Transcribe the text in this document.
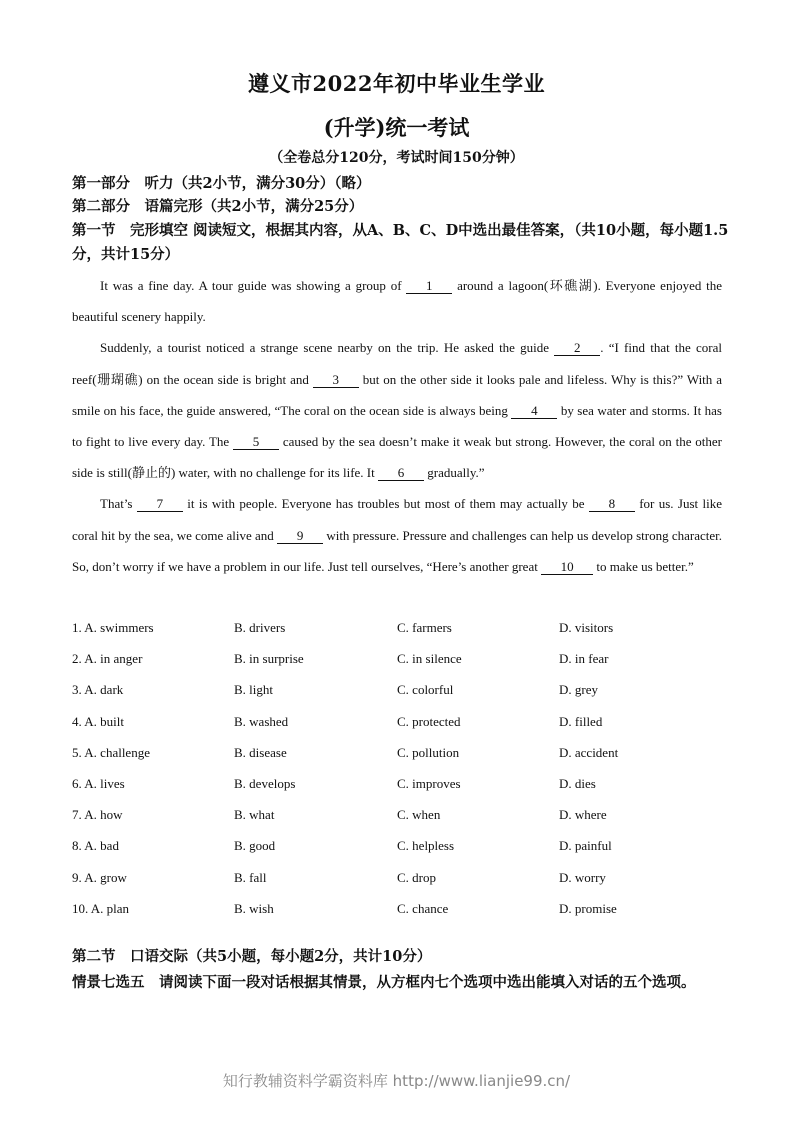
遵义市2022年初中毕业生学业
(升学)统一考试
（全卷总分120分，考试时间150分钟）
第一部分　听力（共2小节，满分30分）（略）
第二部分　语篇完形（共2小节，满分25分）
第一节　完形填空 阅读短文，根据其内容，从A、B、C、D中选出最佳答案，（共10小题，每小题1.5分，共计15分）

It was a fine day. A tour guide was showing a group of 1 around a lagoon(环礁湖). Everyone enjoyed the beautiful scenery happily.

Suddenly, a tourist noticed a strange scene nearby on the trip. He asked the guide 2 . “I find that the coral reef(珊瑚礁) on the ocean side is bright and 3 but on the other side it looks pale and lifeless. Why is this?” With a smile on his face, the guide answered, “The coral on the ocean side is always being 4 by sea water and storms. It has to fight to live every day. The 5 caused by the sea doesn’t make it weak but strong. However, the coral on the other side is still(静止的) water, with no challenge for its life. It 6 gradually.”

That’s 7 it is with people. Everyone has troubles but most of them may actually be 8 for us. Just like coral hit by the sea, we come alive and 9 with pressure. Pressure and challenges can help us develop strong character. So, don’t worry if we have a problem in our life. Just tell ourselves, “Here’s another great 10 to make us better.”

1. A. swimmers	B. drivers	C. farmers	D. visitors
2. A. in anger	B. in surprise	C. in silence	D. in fear
3. A. dark	B. light	C. colorful	D. grey
4. A. built	B. washed	C. protected	D. filled
5. A. challenge	B. disease	C. pollution	D. accident
6. A. lives	B. develops	C. improves	D. dies
7. A. how	B. what	C. when	D. where
8. A. bad	B. good	C. helpless	D. painful
9. A. grow	B. fall	C. drop	D. worry
10. A. plan	B. wish	C. chance	D. promise
第二节　口语交际（共5小题，每小题2分，共计10分）
情景七选五　请阅读下面一段对话根据其情景，从方框内七个选项中选出能填入对话的五个选项。
知行教辅资料学霸资料库 http://www.lianjie99.cn/
